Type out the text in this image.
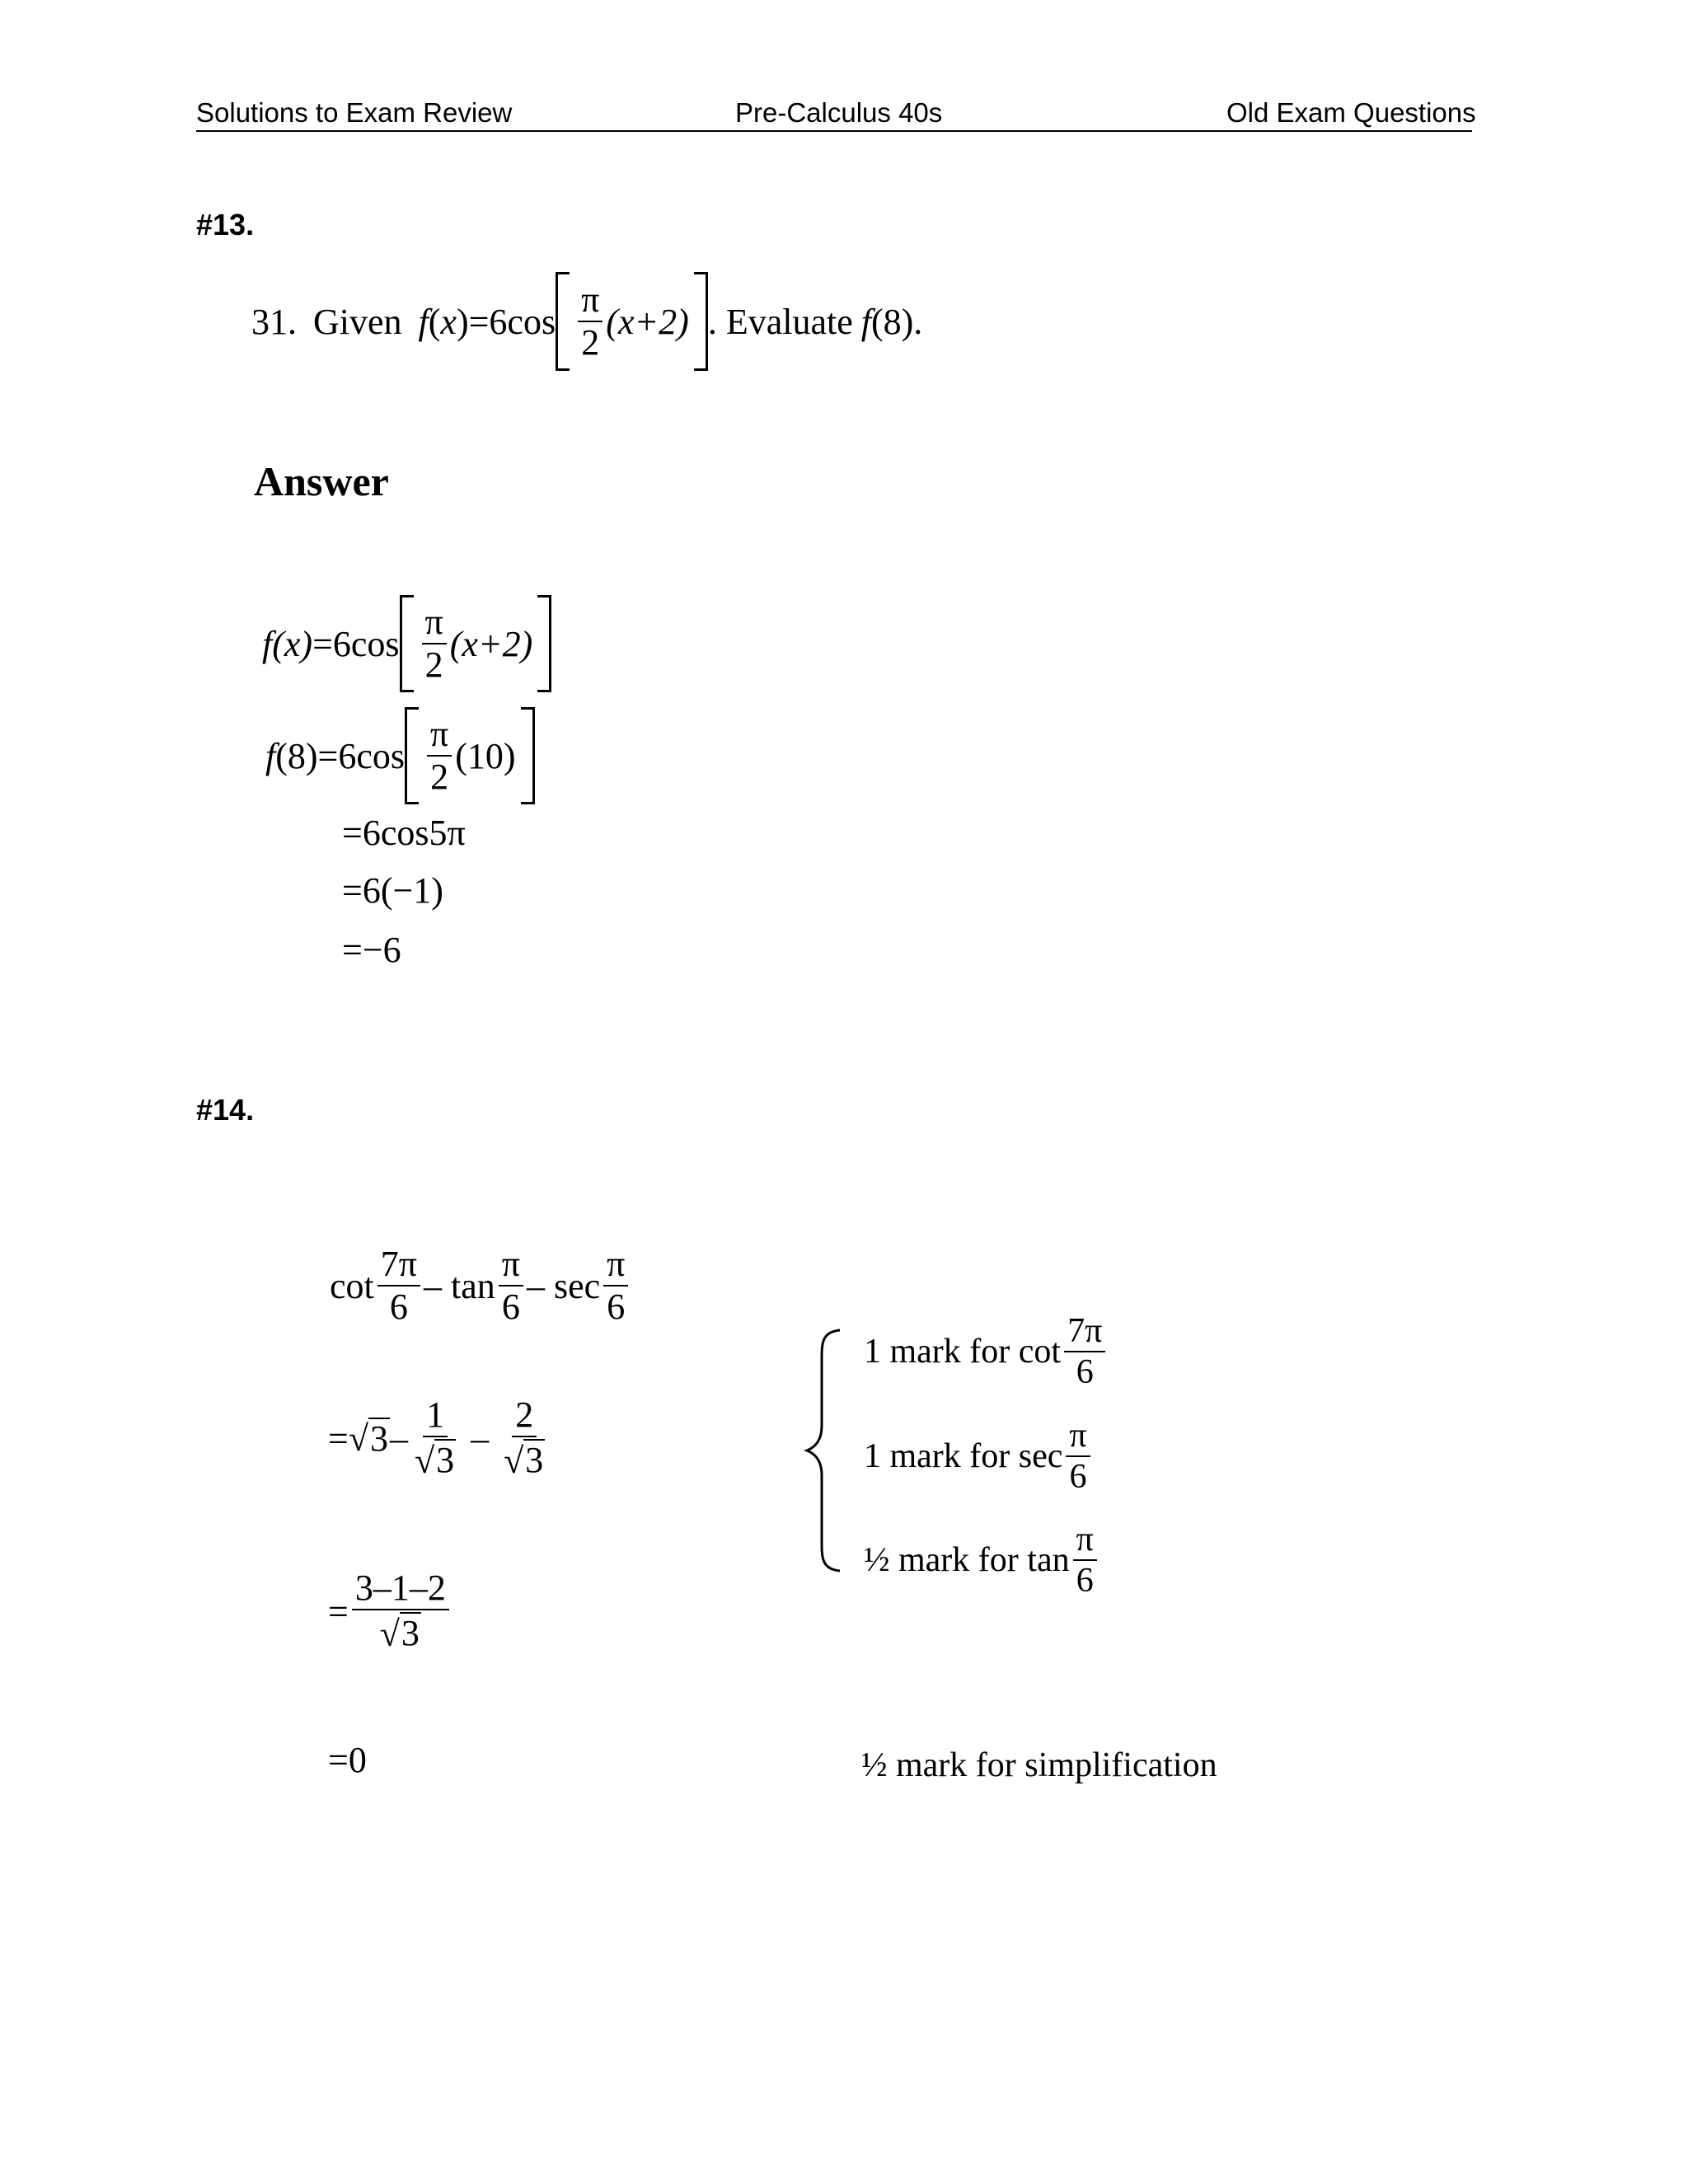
Solutions to Exam Review	Pre-Calculus 40s	Old Exam Questions
#13.
31. Given f ( x ) $=6\cos \frac{\pi}{2} (x+2)$ . Evaluate f (8).
Answer
f $(x) =6\cos \frac{\pi}{2} (x+2)$
f $(8) =6\cos \frac{\pi}{2} (10)$
=6cos5π
=6(−1)
=−6
#14.
$\cot \frac{7\pi}{6}$ – $\tan \frac{\pi}{6}$ – $\sec \frac{\pi}{6}$
= √ $3 - \frac{1}{√ 3} - \frac{2}{√ 3}$
= $\frac{3-1-2}{√ 3}$
=0
1 mark for $\cot \frac{7\pi}{6}$
1 mark for $\sec \frac{\pi}{6}$
½ mark for $\tan \frac{\pi}{6}$
½ mark for simplification
